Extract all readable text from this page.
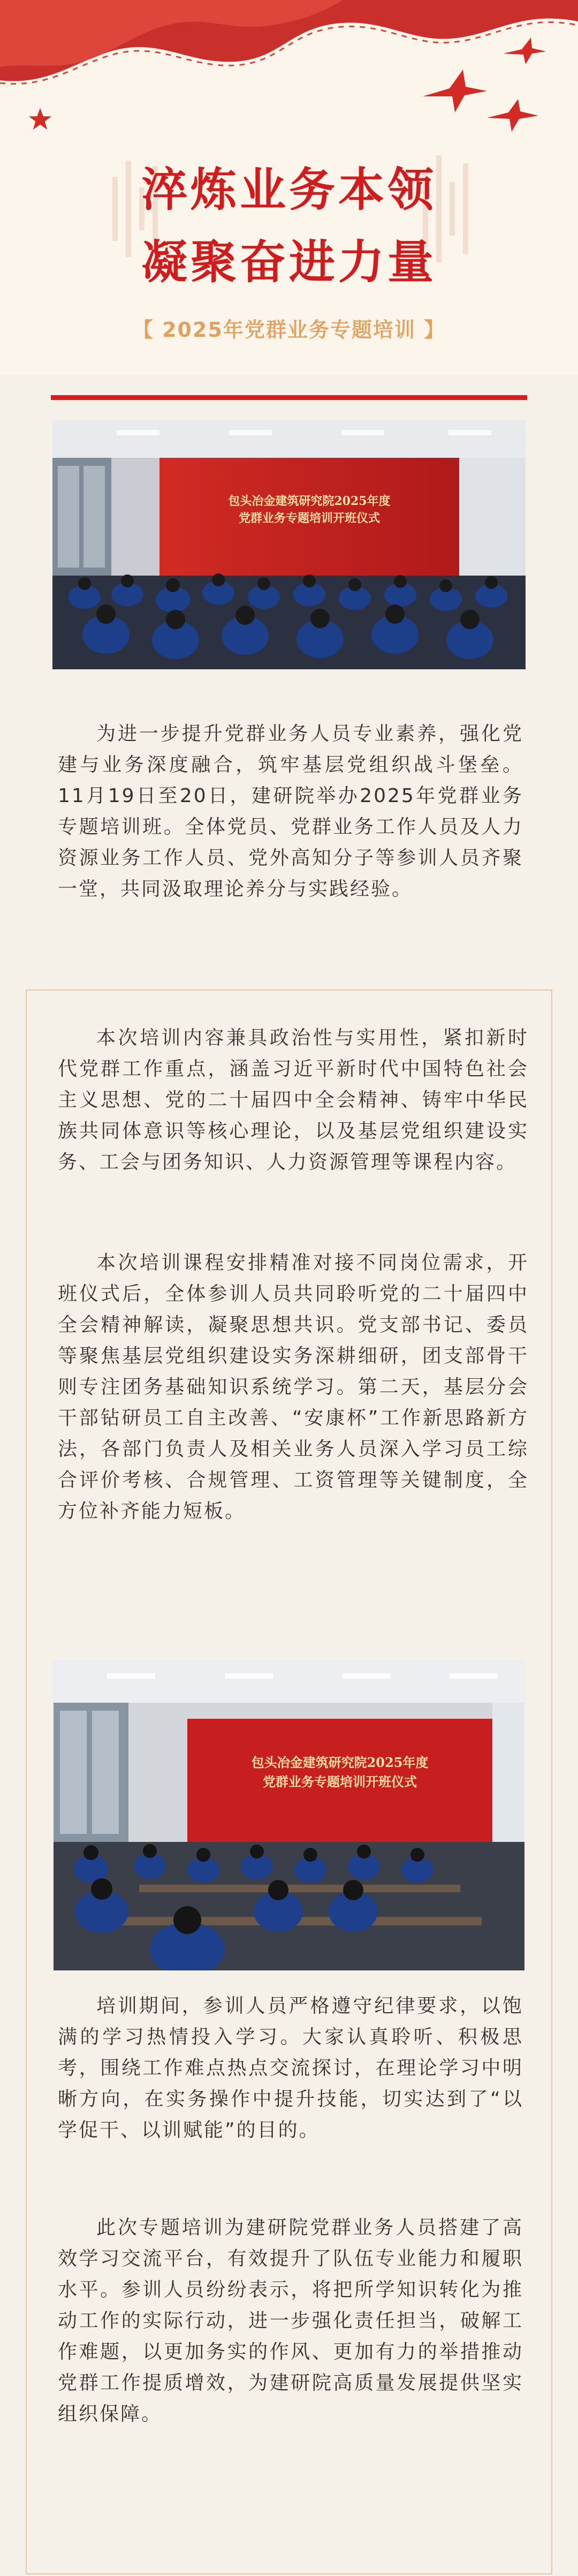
淬炼业务本领
凝聚奋进力量
【 2025年党群业务专题培训 】
包头冶金建筑研究院2025年度
党群业务专题培训开班仪式

为进一步提升党群业务人员专业素养，强化党建与业务深度融合，筑牢基层党组织战斗堡垒。11月19日至20日，建研院举办2025年党群业务专题培训班。全体党员、党群业务工作人员及人力资源业务工作人员、党外高知分子等参训人员齐聚一堂，共同汲取理论养分与实践经验。

本次培训内容兼具政治性与实用性，紧扣新时代党群工作重点，涵盖习近平新时代中国特色社会主义思想、党的二十届四中全会精神、铸牢中华民族共同体意识等核心理论，以及基层党组织建设实务、工会与团务知识、人力资源管理等课程内容。

本次培训课程安排精准对接不同岗位需求，开班仪式后，全体参训人员共同聆听党的二十届四中全会精神解读，凝聚思想共识。党支部书记、委员等聚焦基层党组织建设实务深耕细研，团支部骨干则专注团务基础知识系统学习。第二天，基层分会干部钻研员工自主改善、“安康杯”工作新思路新方法，各部门负责人及相关业务人员深入学习员工综合评价考核、合规管理、工资管理等关键制度，全方位补齐能力短板。

包头冶金建筑研究院2025年度
党群业务专题培训开班仪式

培训期间，参训人员严格遵守纪律要求，以饱满的学习热情投入学习。大家认真聆听、积极思考，围绕工作难点热点交流探讨，在理论学习中明晰方向，在实务操作中提升技能，切实达到了“以学促干、以训赋能”的目的。

此次专题培训为建研院党群业务人员搭建了高效学习交流平台，有效提升了队伍专业能力和履职水平。参训人员纷纷表示，将把所学知识转化为推动工作的实际行动，进一步强化责任担当，破解工作难题，以更加务实的作风、更加有力的举措推动党群工作提质增效，为建研院高质量发展提供坚实组织保障。
